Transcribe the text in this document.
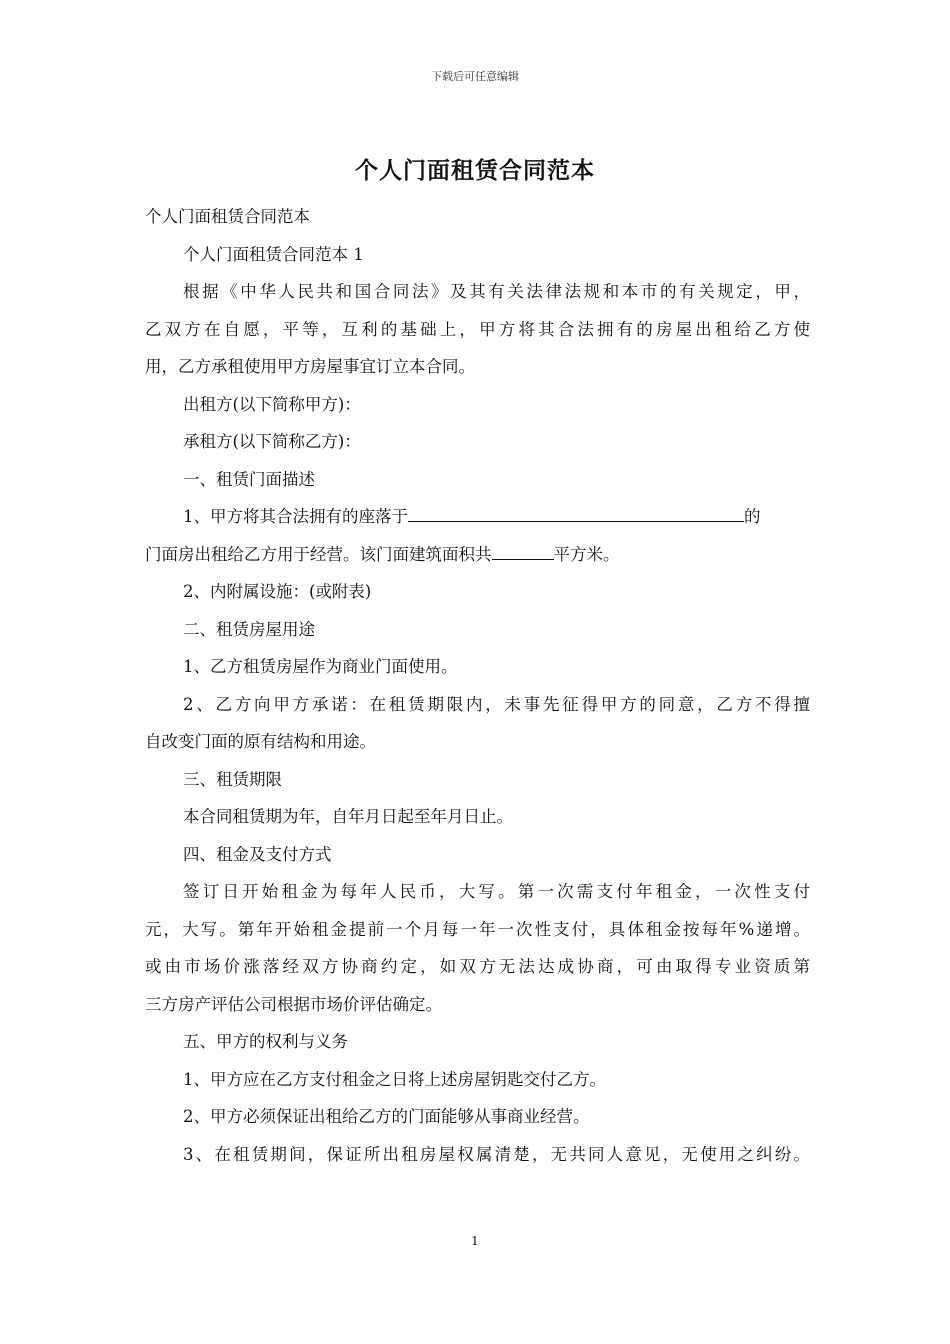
下载后可任意编辑
个人门面租赁合同范本
个人门面租赁合同范本
个人门面租赁合同范本 1
根据《中华人民共和国合同法》及其有关法律法规和本市的有关规定，甲，
乙双方在自愿，平等，互利的基础上，甲方将其合法拥有的房屋出租给乙方使
用，乙方承租使用甲方房屋事宜订立本合同。
出租方(以下简称甲方)：
承租方(以下简称乙方)：
一、租赁门面描述
1、甲方将其合法拥有的座落于	的
门面房出租给乙方用于经营。该门面建筑面积共	平方米。
2、内附属设施：(或附表)
二、租赁房屋用途
1、乙方租赁房屋作为商业门面使用。
2、乙方向甲方承诺：在租赁期限内，未事先征得甲方的同意，乙方不得擅
自改变门面的原有结构和用途。
三、租赁期限
本合同租赁期为年，自年月日起至年月日止。
四、租金及支付方式
签订日开始租金为每年人民币，大写。第一次需支付年租金，一次性支付
元，大写。第年开始租金提前一个月每一年一次性支付，具体租金按每年%递增。
或由市场价涨落经双方协商约定，如双方无法达成协商，可由取得专业资质第
三方房产评估公司根据市场价评估确定。
五、甲方的权利与义务
1、甲方应在乙方支付租金之日将上述房屋钥匙交付乙方。
2、甲方必须保证出租给乙方的门面能够从事商业经营。
3、在租赁期间，保证所出租房屋权属清楚，无共同人意见，无使用之纠纷。
1
